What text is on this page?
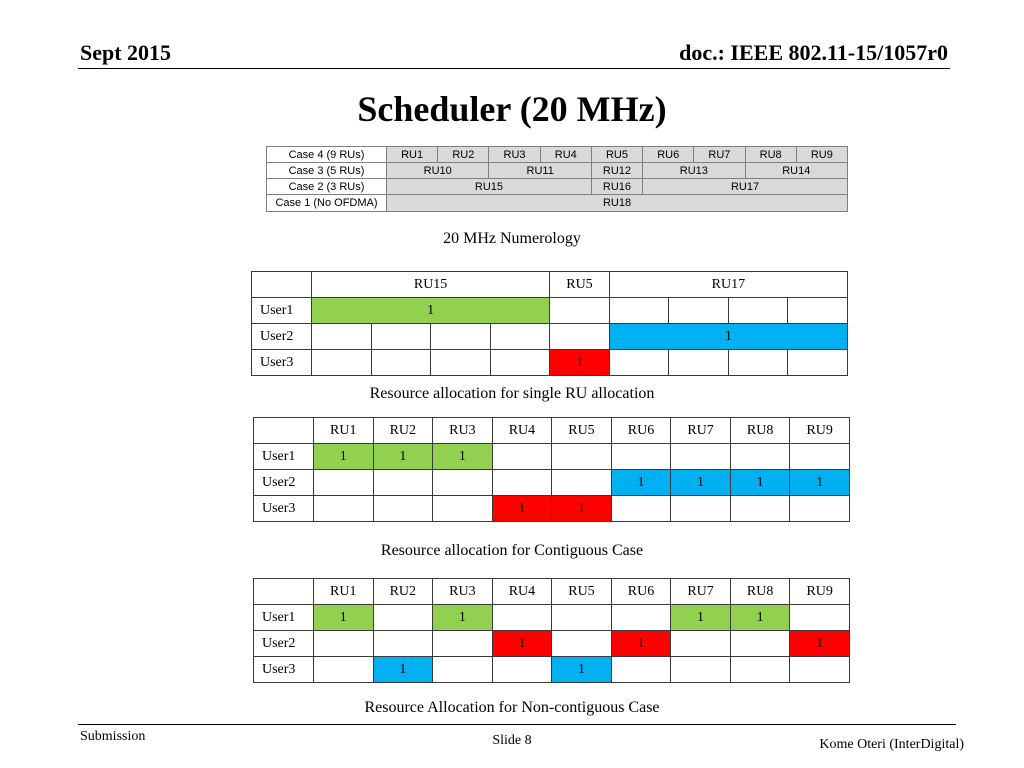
Sept 2015	doc.: IEEE 802.11-15/1057r0
Scheduler (20 MHz)
Case 4 (9 RUs)	RU1	RU2	RU3	RU4	RU5	RU6	RU7	RU8	RU9
Case 3 (5 RUs)	RU10		RU11		RU12	RU13		RU14	
Case 2 (3 RUs)	RU15				RU16	RU17			
Case 1 (No OFDMA)	RU18								
20 MHz Numerology
	RU15				RU5	RU17			
User1	1								
User2						1			
User3					1				
Resource allocation for single RU allocation
	RU1	RU2	RU3	RU4	RU5	RU6	RU7	RU8	RU9
User1	1	1	1						
User2						1	1	1	1
User3				1	1				
Resource allocation for Contiguous Case
	RU1	RU2	RU3	RU4	RU5	RU6	RU7	RU8	RU9
User1	1		1				1	1	
User2				1		1			1
User3		1			1				
Resource Allocation for Non-contiguous Case
Submission	Slide 8	Kome Oteri (InterDigital)
